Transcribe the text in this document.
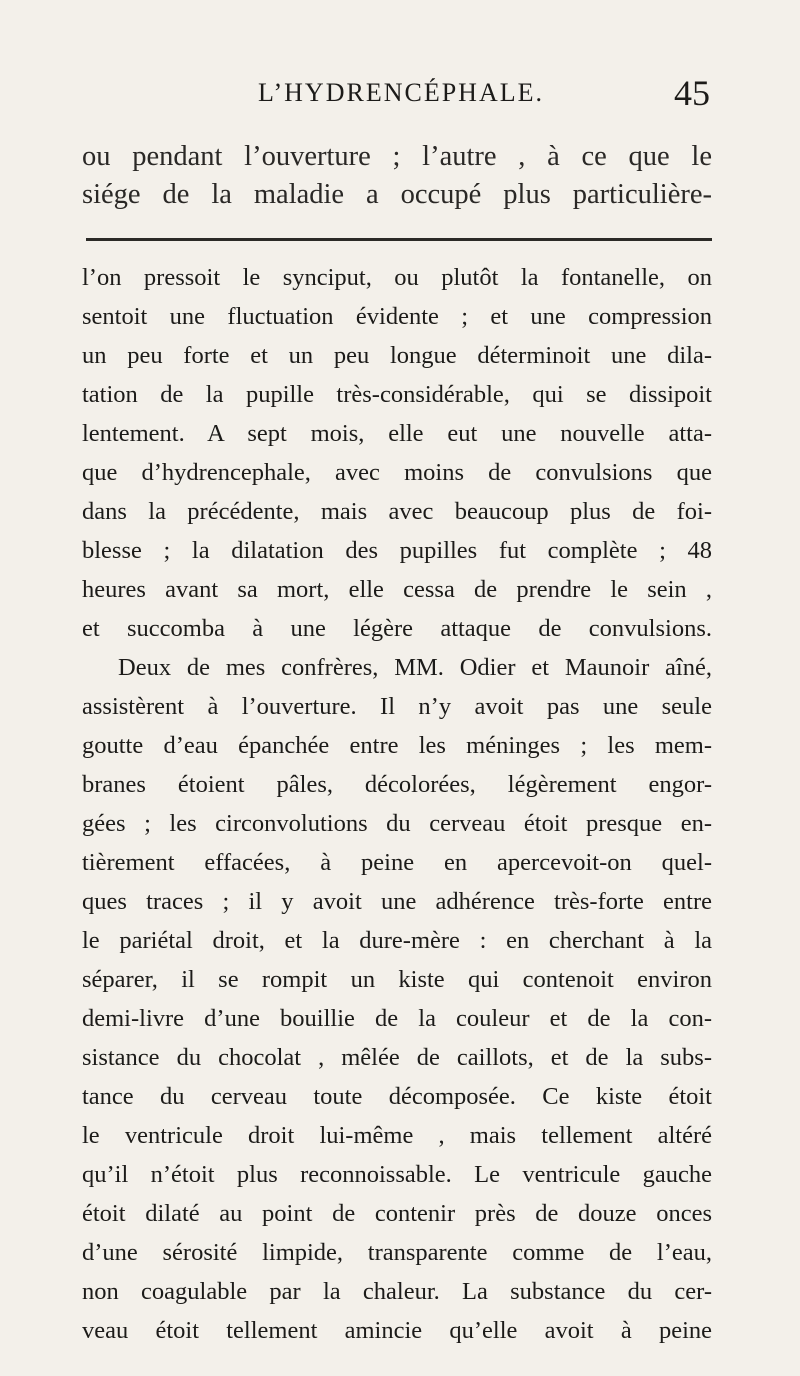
L’HYDRENCÉPHALE.	45
ou pendant l’ouverture ; l’autre , à ce que le
siége de la maladie a occupé plus particulière-
l’on pressoit le synciput, ou plutôt la fontanelle, on
sentoit une fluctuation évidente ; et une compression
un peu forte et un peu longue déterminoit une dila-
tation de la pupille très-considérable, qui se dissipoit
lentement. A sept mois, elle eut une nouvelle atta-
que d’hydrencephale, avec moins de convulsions que
dans la précédente, mais avec beaucoup plus de foi-
blesse ; la dilatation des pupilles fut complète ; 48
heures avant sa mort, elle cessa de prendre le sein ,
et succomba à une légère attaque de convulsions.
Deux de mes confrères, MM. Odier et Maunoir aîné,
assistèrent à l’ouverture. Il n’y avoit pas une seule
goutte d’eau épanchée entre les méninges ; les mem-
branes étoient pâles, décolorées, légèrement engor-
gées ; les circonvolutions du cerveau étoit presque en-
tièrement effacées, à peine en apercevoit-on quel-
ques traces ; il y avoit une adhérence très-forte entre
le pariétal droit, et la dure-mère : en cherchant à la
séparer, il se rompit un kiste qui contenoit environ
demi-livre d’une bouillie de la couleur et de la con-
sistance du chocolat , mêlée de caillots, et de la subs-
tance du cerveau toute décomposée. Ce kiste étoit
le ventricule droit lui-même , mais tellement altéré
qu’il n’étoit plus reconnoissable. Le ventricule gauche
étoit dilaté au point de contenir près de douze onces
d’une sérosité limpide, transparente comme de l’eau,
non coagulable par la chaleur. La substance du cer-
veau étoit tellement amincie qu’elle avoit à peine
